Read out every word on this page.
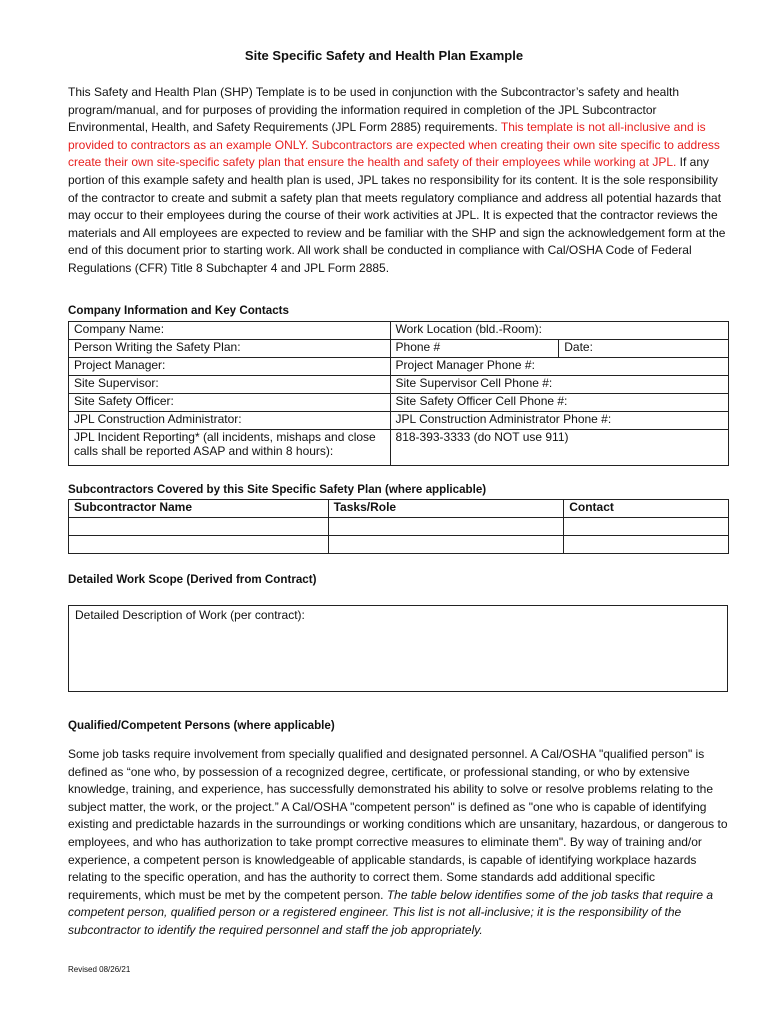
Site Specific Safety and Health Plan Example

This Safety and Health Plan (SHP) Template is to be used in conjunction with the Subcontractor’s safety and health program/manual, and for purposes of providing the information required in completion of the JPL Subcontractor Environmental, Health, and Safety Requirements (JPL Form 2885) requirements. This template is not all-inclusive and is provided to contractors as an example ONLY. Subcontractors are expected when creating their own site specific to address create their own site-specific safety plan that ensure the health and safety of their employees while working at JPL. If any portion of this example safety and health plan is used, JPL takes no responsibility for its content. It is the sole responsibility of the contractor to create and submit a safety plan that meets regulatory compliance and address all potential hazards that may occur to their employees during the course of their work activities at JPL. It is expected that the contractor reviews the materials and All employees are expected to review and be familiar with the SHP and sign the acknowledgement form at the end of this document prior to starting work. All work shall be conducted in compliance with Cal/OSHA Code of Federal Regulations (CFR) Title 8 Subchapter 4 and JPL Form 2885.

Company Information and Key Contacts

Company Name:	Work Location (bld.-Room):	
Person Writing the Safety Plan:	Phone #	Date:
Project Manager:	Project Manager Phone #:	
Site Supervisor:	Site Supervisor Cell Phone #:	
Site Safety Officer:	Site Safety Officer Cell Phone #:	
JPL Construction Administrator:	JPL Construction Administrator Phone #:	
JPL Incident Reporting* (all incidents, mishaps and close calls shall be reported ASAP and within 8 hours):	818-393-3333 (do NOT use 911)	

Subcontractors Covered by this Site Specific Safety Plan (where applicable)

Subcontractor Name	Tasks/Role	Contact

Detailed Work Scope (Derived from Contract)

Detailed Description of Work (per contract):

Qualified/Competent Persons (where applicable)

Some job tasks require involvement from specially qualified and designated personnel. A Cal/OSHA "qualified person" is defined as “one who, by possession of a recognized degree, certificate, or professional standing, or who by extensive knowledge, training, and experience, has successfully demonstrated his ability to solve or resolve problems relating to the subject matter, the work, or the project.” A Cal/OSHA "competent person" is defined as "one who is capable of identifying existing and predictable hazards in the surroundings or working conditions which are unsanitary, hazardous, or dangerous to employees, and who has authorization to take prompt corrective measures to eliminate them". By way of training and/or experience, a competent person is knowledgeable of applicable standards, is capable of identifying workplace hazards relating to the specific operation, and has the authority to correct them. Some standards add additional specific requirements, which must be met by the competent person. The table below identifies some of the job tasks that require a competent person, qualified person or a registered engineer. This list is not all-inclusive; it is the responsibility of the subcontractor to identify the required personnel and staff the job appropriately.

Revised 08/26/21
